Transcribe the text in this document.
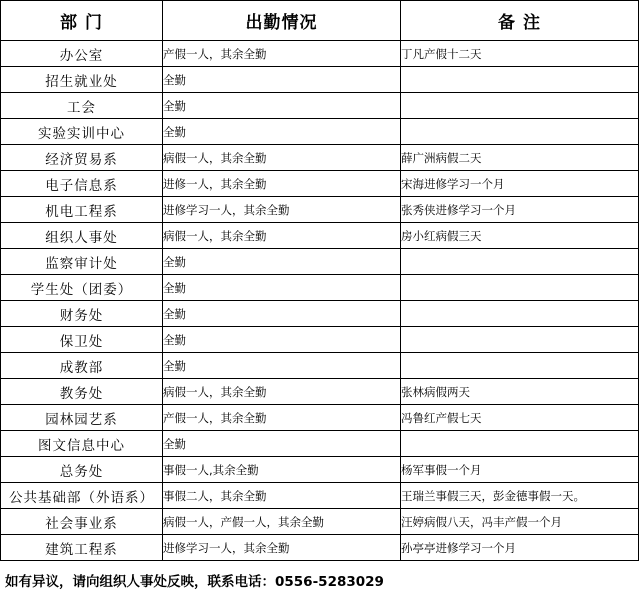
部 门	出勤情况	备 注
办公室	产假一人，其余全勤	丁凡产假十二天
招生就业处	全勤	
工会	全勤	
实验实训中心	全勤	
经济贸易系	病假一人，其余全勤	薛广洲病假二天
电子信息系	进修一人，其余全勤	宋海进修学习一个月
机电工程系	进修学习一人，其余全勤	张秀侠进修学习一个月
组织人事处	病假一人，其余全勤	房小红病假三天
监察审计处	全勤	
学生处（团委）	全勤	
财务处	全勤	
保卫处	全勤	
成教部	全勤	
教务处	病假一人，其余全勤	张林病假两天
园林园艺系	产假一人，其余全勤	冯鲁红产假七天
图文信息中心	全勤	
总务处	事假一人,其余全勤	杨军事假一个月
公共基础部（外语系）	事假二人，其余全勤	王瑞兰事假三天，彭金德事假一天。
社会事业系	病假一人，产假一人，其余全勤	汪婷病假八天，冯丰产假一个月
建筑工程系	进修学习一人，其余全勤	孙亭亭进修学习一个月
如有异议，请向组织人事处反映，联系电话：0556-5283029
